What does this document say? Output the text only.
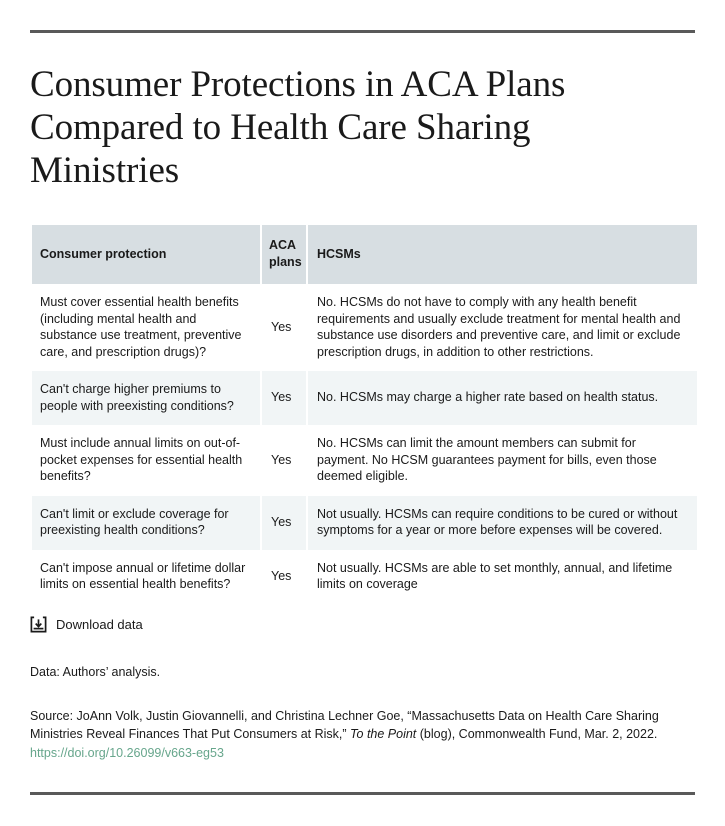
Consumer Protections in ACA Plans Compared to Health Care Sharing Ministries
Consumer protection	ACA plans	HCSMs
Must cover essential health benefits (including mental health and substance use treatment, preventive care, and prescription drugs)?	Yes	No. HCSMs do not have to comply with any health benefit requirements and usually exclude treatment for mental health and substance use disorders and preventive care, and limit or exclude prescription drugs, in addition to other restrictions.
Can't charge higher premiums to people with preexisting conditions?	Yes	No. HCSMs may charge a higher rate based on health status.
Must include annual limits on out-of-pocket expenses for essential health benefits?	Yes	No. HCSMs can limit the amount members can submit for payment. No HCSM guarantees payment for bills, even those deemed eligible.
Can't limit or exclude coverage for preexisting health conditions?	Yes	Not usually. HCSMs can require conditions to be cured or without symptoms for a year or more before expenses will be covered.
Can't impose annual or lifetime dollar limits on essential health benefits?	Yes	Not usually. HCSMs are able to set monthly, annual, and lifetime limits on coverage
Download data
Data: Authors’ analysis.
Source: JoAnn Volk, Justin Giovannelli, and Christina Lechner Goe, “Massachusetts Data on Health Care Sharing Ministries Reveal Finances That Put Consumers at Risk,” To the Point (blog), Commonwealth Fund, Mar. 2, 2022. https://doi.org/10.26099/v663-eg53
